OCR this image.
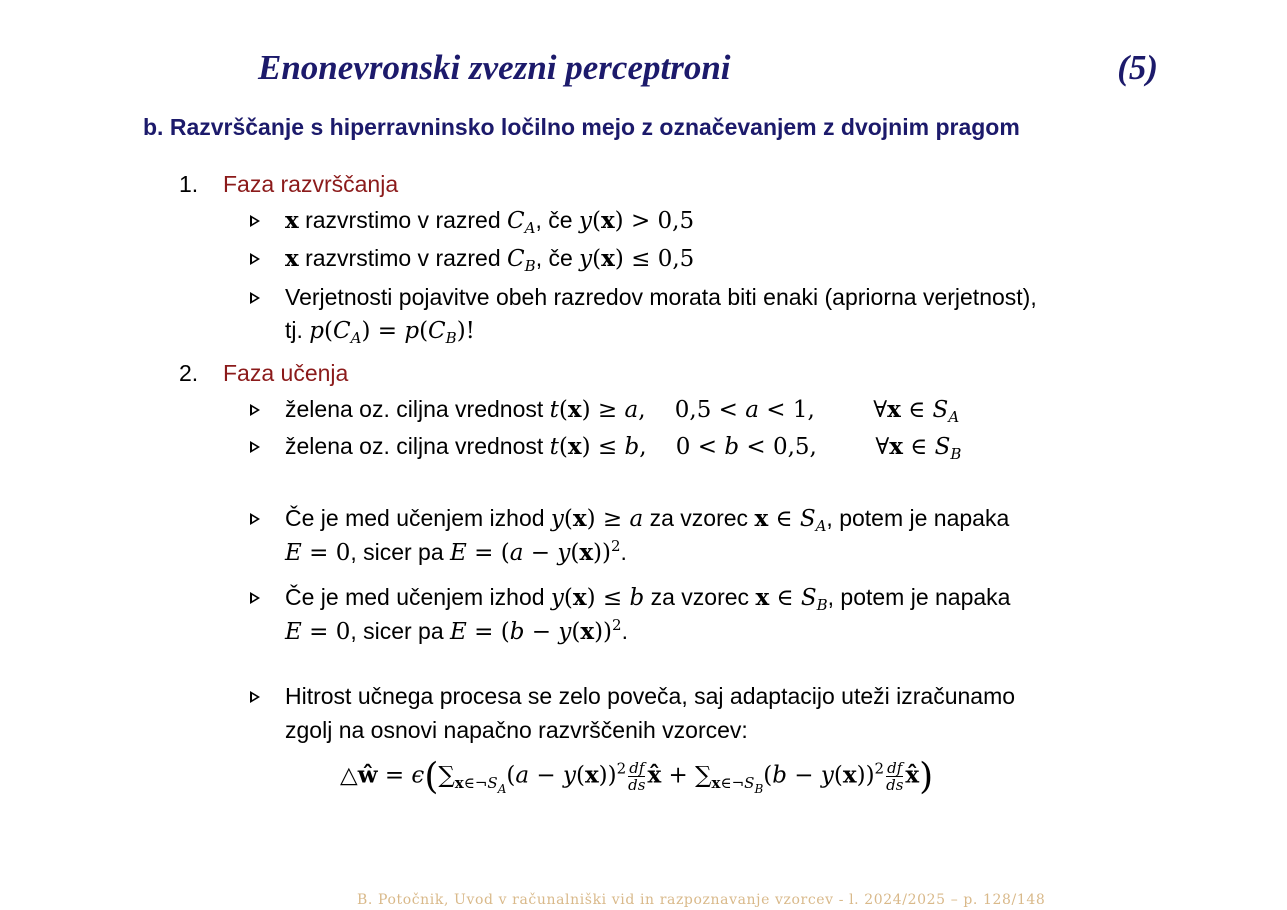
Enonevronski zvezni perceptroni	(5)
b. Razvrščanje s hiperravninsko ločilno mejo z označevanjem z dvojnim pragom
1. Faza razvrščanja
x razvrstimo v razred $C_A$, če y(x) > 0,5
x razvrstimo v razred $C_B$, če y(x) ≤ 0,5
Verjetnosti pojavitve obeh razredov morata biti enaki (apriorna verjetnost),
tj. $p(C_A) = p(C_B)$!
2. Faza učenja
želena oz. ciljna vrednost t(x) ≥ a,    0,5 < a < 1,        ∀x ∈ $S_A$
želena oz. ciljna vrednost t(x) ≤ b,    0 < b < 0,5,        ∀x ∈ $S_B$
Če je med učenjem izhod y(x) ≥ a za vzorec x ∈ $S_A$, potem je napaka
E = 0, sicer pa $E = (a - y(x))^2$.
Če je med učenjem izhod y(x) ≤ b za vzorec x ∈ $S_B$, potem je napaka
E = 0, sicer pa $E = (b - y(x))^2$.
Hitrost učnega procesa se zelo poveča, saj adaptacijo uteži izračunamo
zgolj na osnovi napačno razvrščenih vzorcev:
△ŵ = $\epsilon(\sum_{x\in\neg S_A}(a - y(x))^2 \frac{df}{ds}$ x̂ + $\sum_{x\in\neg S_B}(b - y(x))^2 \frac{df}{ds}$ x̂)
B. Potočnik, Uvod v računalniški vid in razpoznavanje vzorcev - l. 2024/2025 – p. 128/148
